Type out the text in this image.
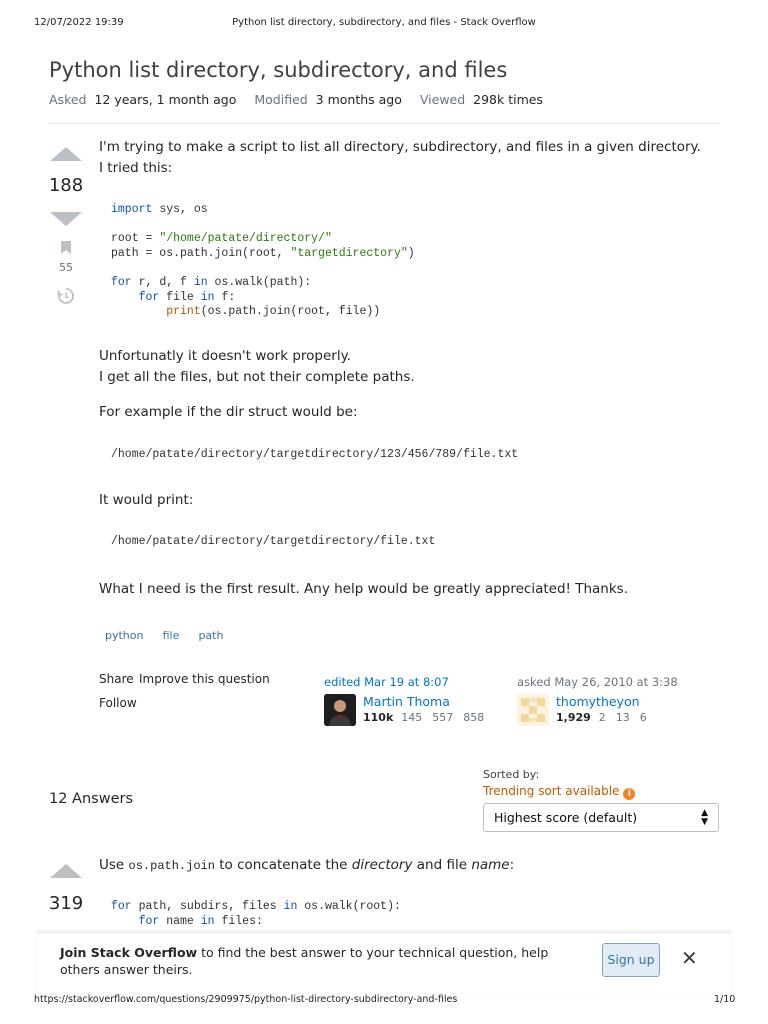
12/07/2022 19:39	Python list directory, subdirectory, and files - Stack Overflow
Python list directory, subdirectory, and files
Asked 12 years, 1 month ago Modified 3 months ago Viewed 298k times
188
55
I'm trying to make a script to list all directory, subdirectory, and files in a given directory.
I tried this:
import sys, os

root = "/home/patate/directory/"
path = os.path.join(root, "targetdirectory")

for r, d, f in os.walk(path):
for file in f:
print(os.path.join(root, file))
Unfortunatly it doesn't work properly.
I get all the files, but not their complete paths.
For example if the dir struct would be:
/home/patate/directory/targetdirectory/123/456/789/file.txt
It would print:
/home/patate/directory/targetdirectory/file.txt
What I need is the first result. Any help would be greatly appreciated! Thanks.
python file path
Share Improve this question
Follow
edited Mar 19 at 8:07
Martin Thoma
110k 145 557 858
asked May 26, 2010 at 3:38
thomytheyon
1,929 2 13 6
12 Answers
Sorted by:
Trending sort available i
Highest score (default)	▲
▼
319
Use os.path.join to concatenate the directory and file name:
for path, subdirs, files in os.walk(root):
for name in files:
Join Stack Overflow to find the best answer to your technical question, help others answer theirs.
Sign up ✕
https://stackoverflow.com/questions/2909975/python-list-directory-subdirectory-and-files	1/10
